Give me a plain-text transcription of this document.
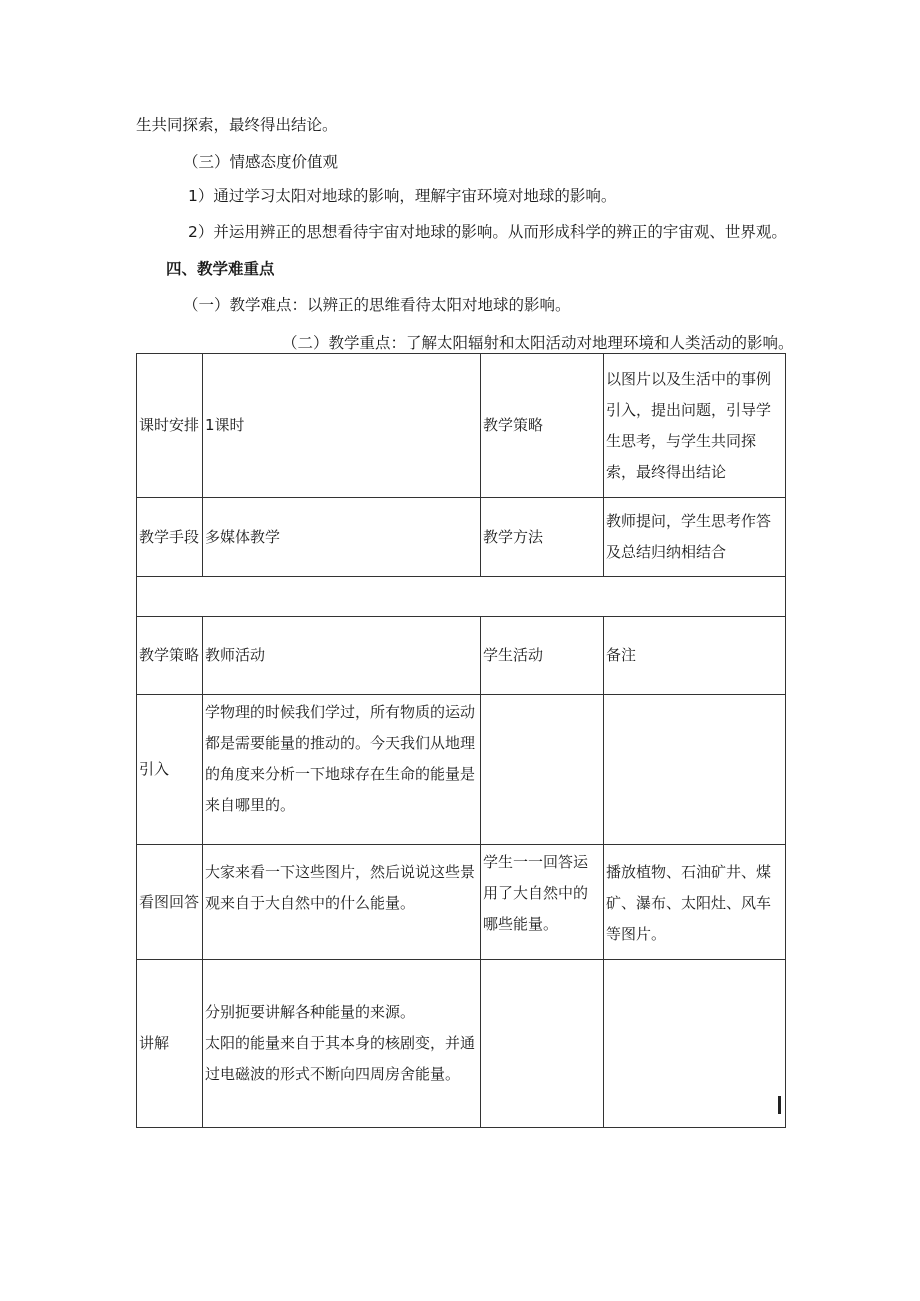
生共同探索，最终得出结论。
（三）情感态度价值观
1）通过学习太阳对地球的影响，理解宇宙环境对地球的影响。
2）并运用辨正的思想看待宇宙对地球的影响。从而形成科学的辨正的宇宙观、世界观。
四、教学难重点
（一）教学难点：以辨正的思维看待太阳对地球的影响。
（二）教学重点：了解太阳辐射和太阳活动对地理环境和人类活动的影响。
课时安排	1课时	教学策略	以图片以及生活中的事例引入，提出问题，引导学生思考，与学生共同探索，最终得出结论
教学手段	多媒体教学	教学方法	教师提问，学生思考作答及总结归纳相结合

教学策略	教师活动	学生活动	备注
引入	学物理的时候我们学过，所有物质的运动都是需要能量的推动的。今天我们从地理的角度来分析一下地球存在生命的能量是来自哪里的。		
看图回答	大家来看一下这些图片，然后说说这些景观来自于大自然中的什么能量。	学生一一回答运用了大自然中的哪些能量。	播放植物、石油矿井、煤矿、瀑布、太阳灶、风车等图片。
讲解	分别扼要讲解各种能量的来源。
太阳的能量来自于其本身的核剧变，并通过电磁波的形式不断向四周房舍能量。		
